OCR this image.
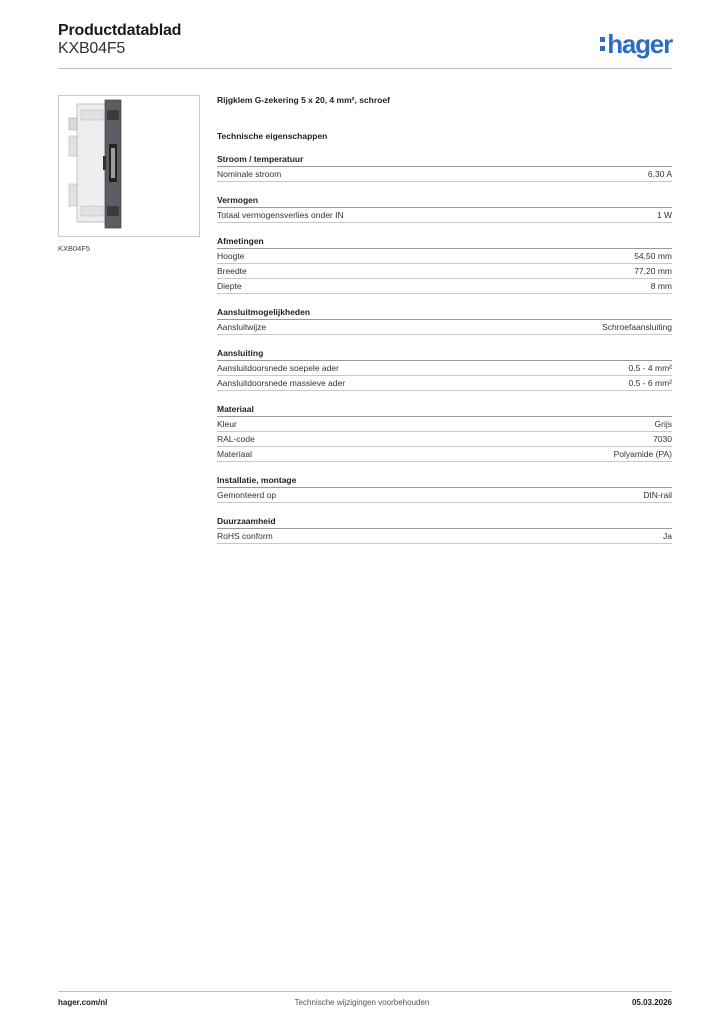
Productdatablad
KXB04F5	hager
KXB04F5
Rijgklem G-zekering 5 x 20, 4 mm², schroef
Technische eigenschappen
Stroom / temperatuur
Nominale stroom	6,30 A
Vermogen
Totaal vermogensverlies onder IN	1 W
Afmetingen
Hoogte	54,50 mm
Breedte	77,20 mm
Diepte	8 mm
Aansluitmogelijkheden
Aansluitwijze	Schroefaansluiting
Aansluiting
Aansluitdoorsnede soepele ader	0.5 - 4 mm²
Aansluitdoorsnede massieve ader	0.5 - 6 mm²
Materiaal
Kleur	Grijs
RAL-code	7030
Materiaal	Polyamide (PA)
Installatie, montage
Gemonteerd op	DIN-rail
Duurzaamheid
RoHS conform	Ja
hager.com/nl	Technische wijzigingen voorbehouden	05.03.2026
